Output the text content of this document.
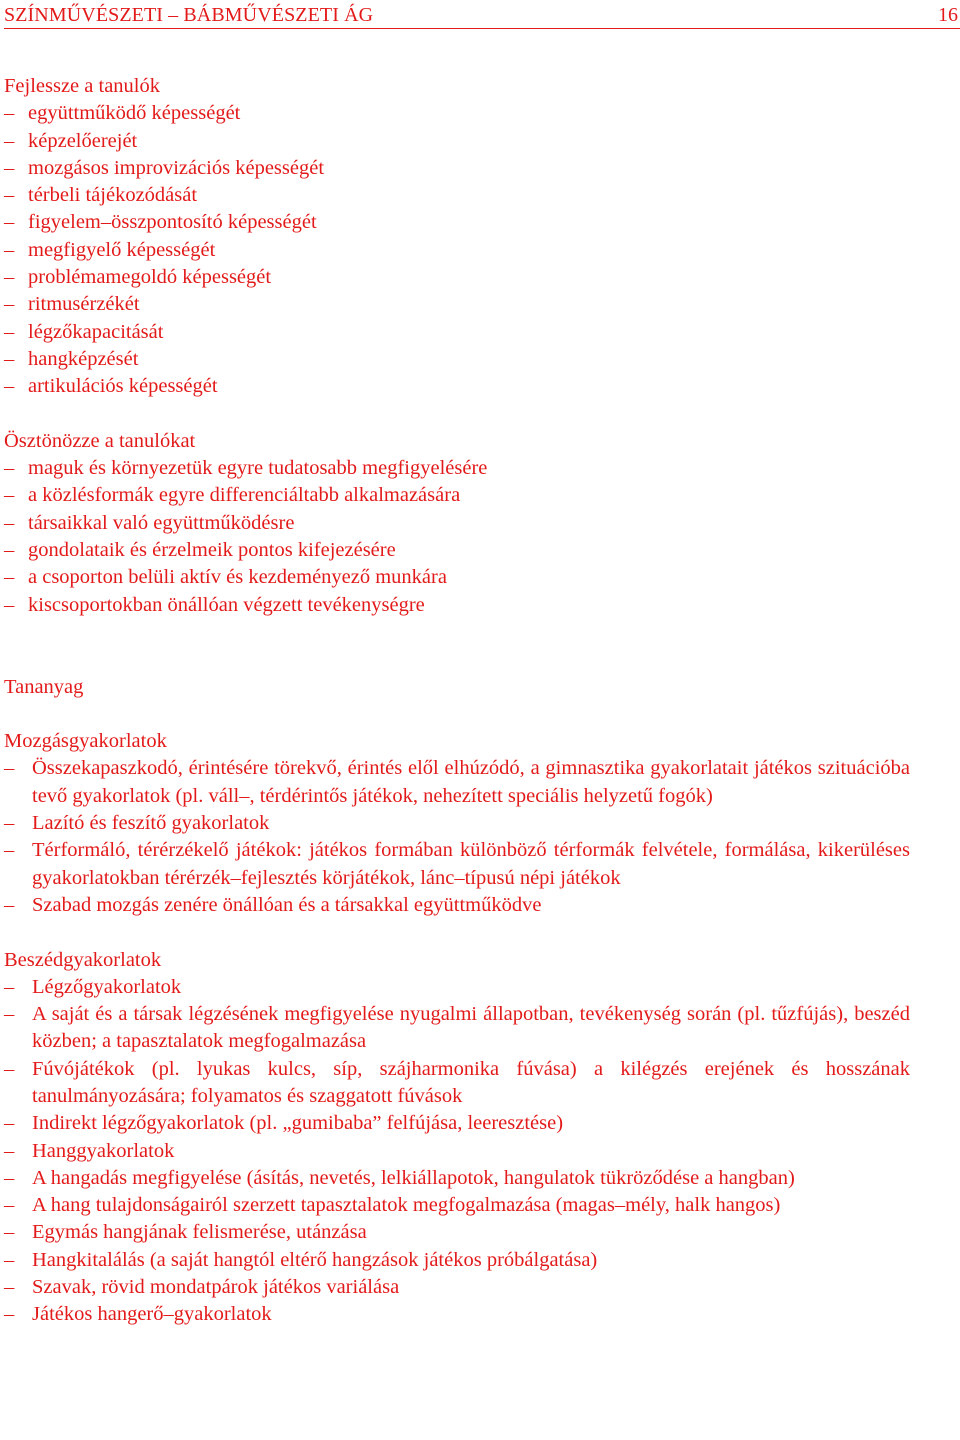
SZÍNMŰVÉSZETI – BÁBMŰVÉSZETI ÁG	16

Fejlessze a tanulók

– együttműködő képességét
– képzelőerejét
– mozgásos improvizációs képességét
– térbeli tájékozódását
– figyelem–összpontosító képességét
– megfigyelő képességét
– problémamegoldó képességét
– ritmusérzékét
– légzőkapacitását
– hangképzését
– artikulációs képességét

Ösztönözze a tanulókat

– maguk és környezetük egyre tudatosabb megfigyelésére
– a közlésformák egyre differenciáltabb alkalmazására
– társaikkal való együttműködésre
– gondolataik és érzelmeik pontos kifejezésére
– a csoporton belüli aktív és kezdeményező munkára
– kiscsoportokban önállóan végzett tevékenységre

Tananyag

Mozgásgyakorlatok

– Összekapaszkodó, érintésére törekvő, érintés elől elhúzódó, a gimnasztika gyakorlatait játékos szituációba tevő gyakorlatok (pl. váll–, térdérintős játékok, nehezített speciális helyzetű fogók)
– Lazító és feszítő gyakorlatok
– Térformáló, térérzékelő játékok: játékos formában különböző térformák felvétele, formálása, kikerüléses gyakorlatokban térérzék–fejlesztés körjátékok, lánc–típusú népi játékok
– Szabad mozgás zenére önállóan és a társakkal együttműködve

Beszédgyakorlatok

– Légzőgyakorlatok
– A saját és a társak légzésének megfigyelése nyugalmi állapotban, tevékenység során (pl. tűzfújás), beszéd közben; a tapasztalatok megfogalmazása
– Fúvójátékok (pl. lyukas kulcs, síp, szájharmonika fúvása) a kilégzés erejének és hosszának tanulmányozására; folyamatos és szaggatott fúvások
– Indirekt légzőgyakorlatok (pl. „gumibaba” felfújása, leeresztése)
– Hanggyakorlatok
– A hangadás megfigyelése (ásítás, nevetés, lelkiállapotok, hangulatok tükröződése a hangban)
– A hang tulajdonságairól szerzett tapasztalatok megfogalmazása (magas–mély, halk hangos)
– Egymás hangjának felismerése, utánzása
– Hangkitalálás (a saját hangtól eltérő hangzások játékos próbálgatása)
– Szavak, rövid mondatpárok játékos variálása
– Játékos hangerő–gyakorlatok
